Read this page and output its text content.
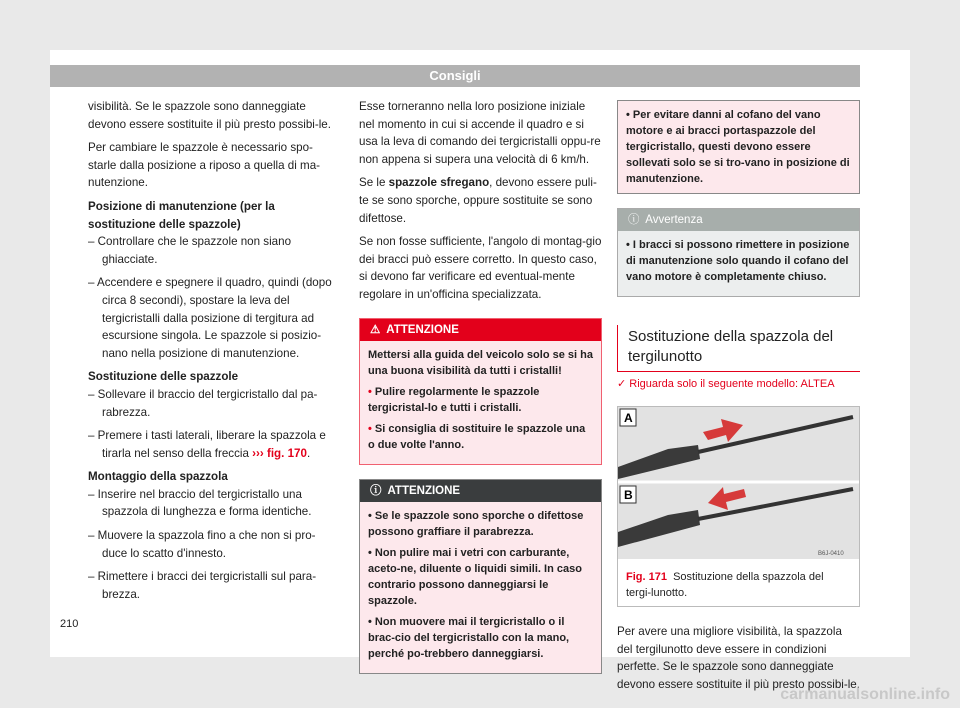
Consigli

visibilità. Se le spazzole sono danneggiate devono essere sostituite il più presto possibi-le.

Per cambiare le spazzole è necessario spo-starle dalla posizione a riposo a quella di ma-nutenzione.

Posizione di manutenzione (per la sostituzione delle spazzole)

– Controllare che le spazzole non siano ghiacciate.
– Accendere e spegnere il quadro, quindi (dopo circa 8 secondi), spostare la leva del tergicristalli dalla posizione di tergitura ad escursione singola. Le spazzole si posizio-nano nella posizione di manutenzione.

Sostituzione delle spazzole

– Sollevare il braccio del tergicristallo dal pa-rabrezza.
– Premere i tasti laterali, liberare la spazzola e tirarla nel senso della freccia ››› fig. 170.

Montaggio della spazzola

– Inserire nel braccio del tergicristallo una spazzola di lunghezza e forma identiche.
– Muovere la spazzola fino a che non si pro-duce lo scatto d'innesto.
– Rimettere i bracci dei tergicristalli sul para-brezza.

Esse torneranno nella loro posizione iniziale nel momento in cui si accende il quadro e si usa la leva di comando dei tergicristalli oppu-re non appena si supera una velocità di 6 km/h.

Se le spazzole sfregano, devono essere puli-te se sono sporche, oppure sostituite se sono difettose.

Se non fosse sufficiente, l'angolo di montag-gio dei bracci può essere corretto. In questo caso, si devono far verificare ed eventual-mente regolare in un'officina specializzata.

⚠ ATTENZIONE
Mettersi alla guida del veicolo solo se si ha una buona visibilità da tutti i cristalli!
• Pulire regolarmente le spazzole tergicristal-lo e tutti i cristalli.
• Si consiglia di sostituire le spazzole una o due volte l'anno.
ⓘ ATTENZIONE
• Se le spazzole sono sporche o difettose possono graffiare il parabrezza.
• Non pulire mai i vetri con carburante, aceto-ne, diluente o liquidi simili. In caso contrario possono danneggiarsi le spazzole.
• Non muovere mai il tergicristallo o il brac-cio del tergicristallo con la mano, perché po-trebbero danneggiarsi.
• Per evitare danni al cofano del vano motore e ai bracci portaspazzole del tergicristallo, questi devono essere sollevati solo se si tro-vano in posizione di manutenzione.
ⓘ Avvertenza
• I bracci si possono rimettere in posizione di manutenzione solo quando il cofano del vano motore è completamente chiuso.
Sostituzione della spazzola del tergilunotto
✓ Riguarda solo il seguente modello: ALTEA
A
B
B6J-0410
Fig. 171 Sostituzione della spazzola del tergi-lunotto.

Per avere una migliore visibilità, la spazzola del tergilunotto deve essere in condizioni perfette. Se le spazzole sono danneggiate devono essere sostituite il più presto possibi-le.

210
carmanualsonline.info
